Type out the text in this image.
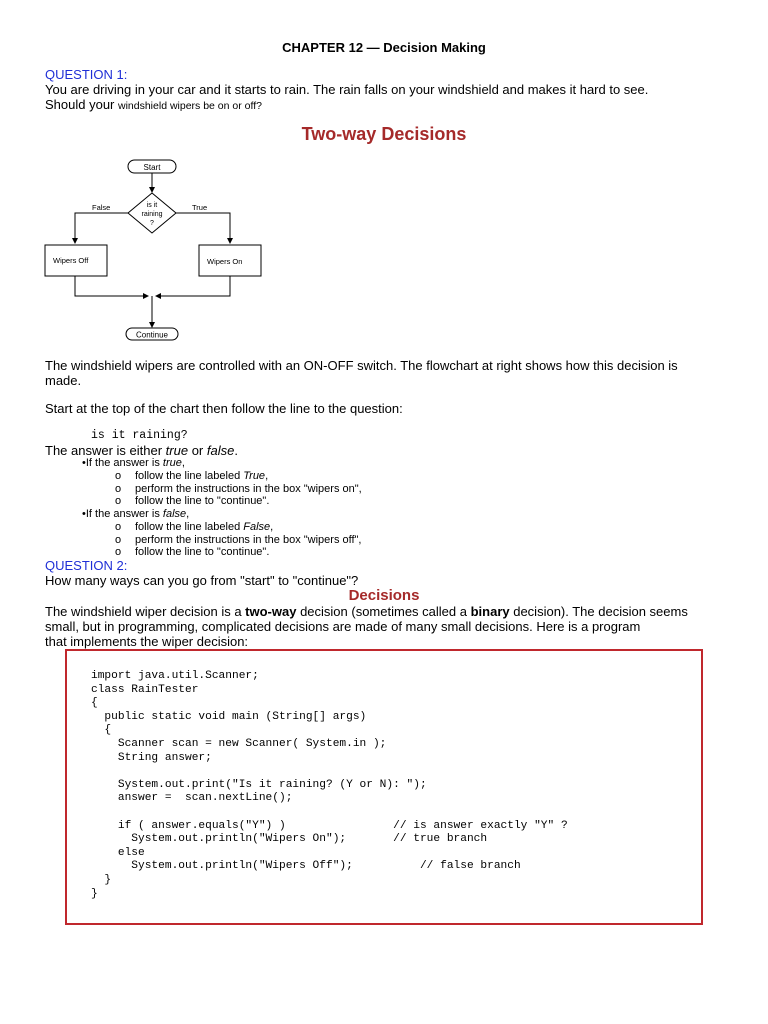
CHAPTER 12 — Decision Making
QUESTION 1:
You are driving in your car and it starts to rain. The rain falls on your windshield and makes it hard to see.
Should your windshield wipers be on or off?
Two-way Decisions
Start
is it
raining
?
False	True
Wipers Off	Wipers On
Continue
The windshield wipers are controlled with an ON-OFF switch. The flowchart at right shows how this decision is
made.
Start at the top of the chart then follow the line to the question:
is it raining?
The answer is either true or false.
•If the answer is true,
o follow the line labeled True,
o perform the instructions in the box "wipers on",
o follow the line to "continue".
•If the answer is false,
o follow the line labeled False,
o perform the instructions in the box "wipers off",
o follow the line to "continue".
QUESTION 2:
How many ways can you go from "start" to "continue"?
Decisions
The windshield wiper decision is a two-way decision (sometimes called a binary decision). The decision seems
small, but in programming, complicated decisions are made of many small decisions. Here is a program
that implements the wiper decision:
import java.util.Scanner;
class RainTester
{
public static void main (String[] args)
{
Scanner scan = new Scanner( System.in );
String answer;

System.out.print("Is it raining? (Y or N): ");
answer =  scan.nextLine();

if ( answer.equals("Y") )                // is answer exactly "Y" ?
System.out.println("Wipers On");       // true branch
else
System.out.println("Wipers Off");          // false branch
}
}
